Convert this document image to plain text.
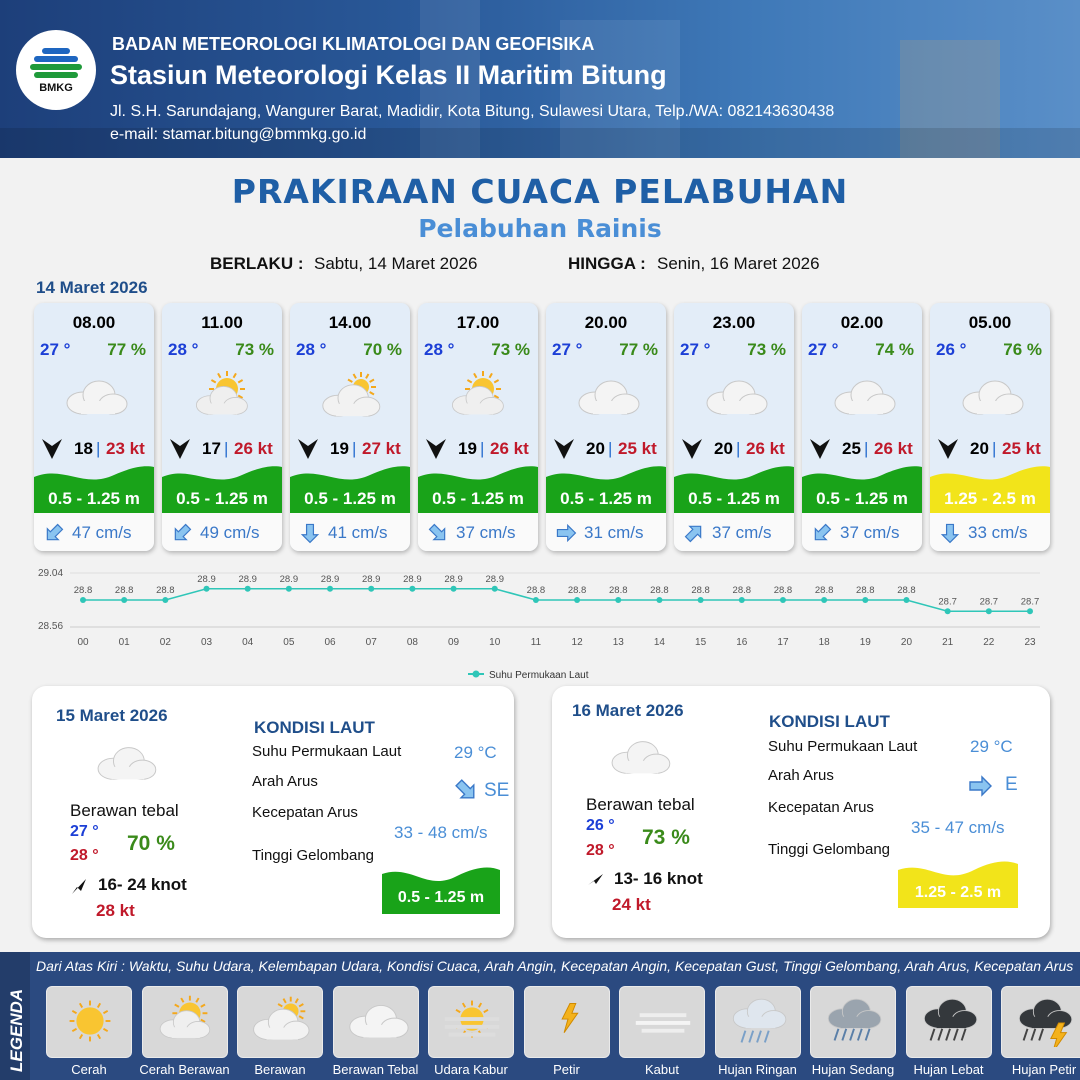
BMKG
BADAN METEOROLOGI KLIMATOLOGI DAN GEOFISIKA
Stasiun Meteorologi Kelas II Maritim Bitung
Jl. S.H. Sarundajang, Wangurer Barat, Madidir, Kota Bitung, Sulawesi Utara, Telp./WA: 082143630438
e-mail: stamar.bitung@bmmkg.go.id
PRAKIRAAN CUACA PELABUHAN
Pelabuhan Rainis
BERLAKU : Sabtu, 14 Maret 2026	HINGGA : Senin, 16 Maret 2026
14 Maret 2026
08.00
27 ° 77 %
18 | 23 kt
0.5 - 1.25 m
47 cm/s
11.00
28 ° 73 %
17 | 26 kt
0.5 - 1.25 m
49 cm/s
14.00
28 ° 70 %
19 | 27 kt
0.5 - 1.25 m
41 cm/s
17.00
28 ° 73 %
19 | 26 kt
0.5 - 1.25 m
37 cm/s
20.00
27 ° 77 %
20 | 25 kt
0.5 - 1.25 m
31 cm/s
23.00
27 ° 73 %
20 | 26 kt
0.5 - 1.25 m
37 cm/s
02.00
27 ° 74 %
25 | 26 kt
0.5 - 1.25 m
37 cm/s
05.00
26 ° 76 %
20 | 25 kt
1.25 - 2.5 m
33 cm/s
29.04
28.56
28.8
00
28.8
01
28.8
02
28.9
03
28.9
04
28.9
05
28.9
06
28.9
07
28.9
08
28.9
09
28.9
10
28.8
11
28.8
12
28.8
13
28.8
14
28.8
15
28.8
16
28.8
17
28.8
18
28.8
19
28.8
20
28.7
21
28.7
22
28.7
23
Suhu Permukaan Laut
15 Maret 2026
Berawan tebal
27 °
28 °
70 %
16- 24 knot
28 kt
KONDISI LAUT
Suhu Permukaan Laut	29 °C
Arah Arus	SE
Kecepatan Arus
33 - 48 cm/s
Tinggi Gelombang
0.5 - 1.25 m
16 Maret 2026
Berawan tebal
26 °
28 °
73 %
13- 16 knot
24 kt
KONDISI LAUT
Suhu Permukaan Laut	29 °C
Arah Arus	E
Kecepatan Arus
35 - 47 cm/s
Tinggi Gelombang
1.25 - 2.5 m
LEGENDA
Dari Atas Kiri : Waktu, Suhu Udara, Kelembapan Udara, Kondisi Cuaca, Arah Angin, Kecepatan Angin, Kecepatan Gust, Tinggi Gelombang, Arah Arus, Kecepatan Arus
Cerah	Cerah Berawan	Berawan	Berawan Tebal	Udara Kabur	Petir	Kabut	Hujan Ringan	Hujan Sedang	Hujan Lebat	Hujan Petir
